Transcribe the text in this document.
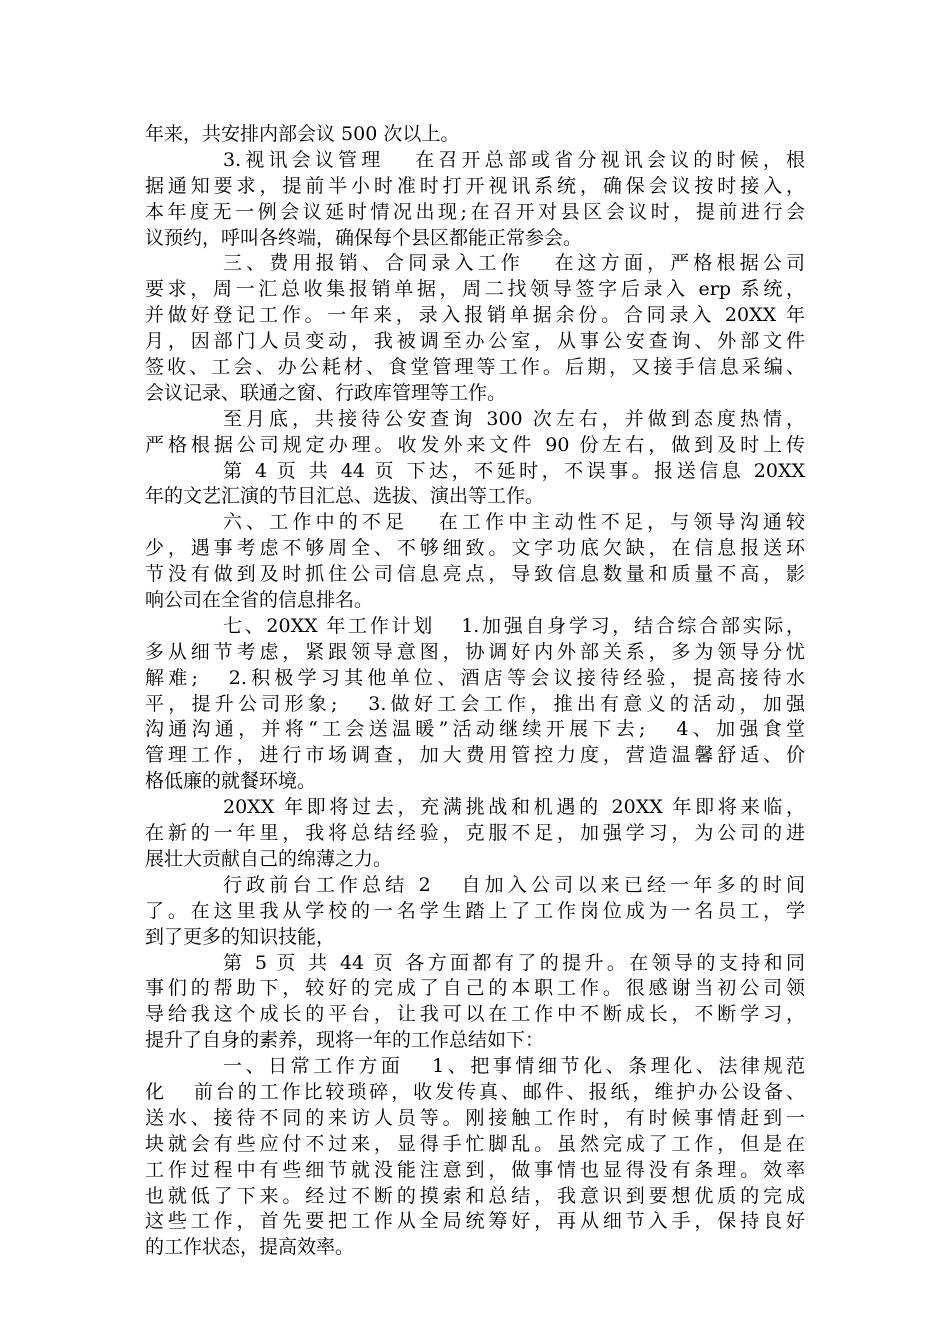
年来，共安排内部会议 500 次以上。
3.视讯会议管理   在召开总部或省分视讯会议的时候，根
据通知要求，提前半小时准时打开视讯系统，确保会议按时接入，
本年度无一例会议延时情况出现;在召开对县区会议时，提前进行会
议预约，呼叫各终端，确保每个县区都能正常参会。
三、费用报销、合同录入工作   在这方面，严格根据公司
要求，周一汇总收集报销单据，周二找领导签字后录入 erp 系统，
并做好登记工作。一年来，录入报销单据余份。合同录入 20XX 年
月，因部门人员变动，我被调至办公室，从事公安查询、外部文件
签收、工会、办公耗材、食堂管理等工作。后期，又接手信息采编、
会议记录、联通之窗、行政库管理等工作。
至月底，共接待公安查询 300 次左右，并做到态度热情，
严格根据公司规定办理。收发外来文件 90 份左右，做到及时上传
第 4 页 共 44 页 下达，不延时，不误事。报送信息 20XX
年的文艺汇演的节目汇总、选拔、演出等工作。
六、工作中的不足   在工作中主动性不足，与领导沟通较
少，遇事考虑不够周全、不够细致。文字功底欠缺，在信息报送环
节没有做到及时抓住公司信息亮点，导致信息数量和质量不高，影
响公司在全省的信息排名。
七、20XX 年工作计划   1.加强自身学习，结合综合部实际，
多从细节考虑，紧跟领导意图，协调好内外部关系，多为领导分忧
解难;   2.积极学习其他单位、酒店等会议接待经验，提高接待水
平，提升公司形象;   3.做好工会工作，推出有意义的活动，加强
沟通沟通，并将“工会送温暖”活动继续开展下去;   4、加强食堂
管理工作，进行市场调查，加大费用管控力度，营造温馨舒适、价
格低廉的就餐环境。
20XX 年即将过去，充满挑战和机遇的 20XX 年即将来临，
在新的一年里，我将总结经验，克服不足，加强学习，为公司的进
展壮大贡献自己的绵薄之力。
行政前台工作总结 2   自加入公司以来已经一年多的时间
了。在这里我从学校的一名学生踏上了工作岗位成为一名员工，学
到了更多的知识技能，
第 5 页 共 44 页 各方面都有了的提升。在领导的支持和同
事们的帮助下，较好的完成了自己的本职工作。很感谢当初公司领
导给我这个成长的平台，让我可以在工作中不断成长，不断学习，
提升了自身的素养，现将一年的工作总结如下：
一、日常工作方面   1、把事情细节化、条理化、法律规范
化   前台的工作比较琐碎，收发传真、邮件、报纸，维护办公设备、
送水、接待不同的来访人员等。刚接触工作时，有时候事情赶到一
块就会有些应付不过来，显得手忙脚乱。虽然完成了工作，但是在
工作过程中有些细节就没能注意到，做事情也显得没有条理。效率
也就低了下来。经过不断的摸索和总结，我意识到要想优质的完成
这些工作，首先要把工作从全局统筹好，再从细节入手，保持良好
的工作状态，提高效率。
